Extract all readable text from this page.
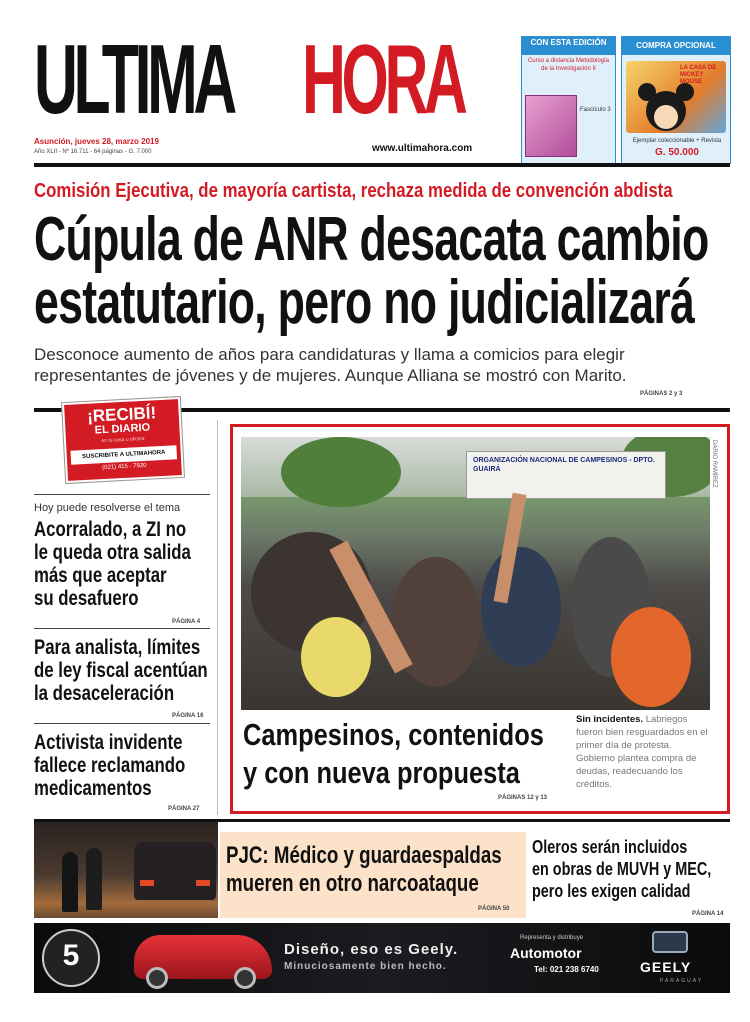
ULTIMA HORA
Asunción, jueves 28, marzo 2019
Año XLII - Nº 16.711 - 64 páginas - G. 7.000	www.ultimahora.com
CON ESTA EDICIÓN
Curso a distancia Metodología de la Investigación II
Fascículo 3
COMPRA OPCIONAL
LA CASA DE MICKEY MOUSE
Ejemplar coleccionable + Revista
G. 50.000
Comisión Ejecutiva, de mayoría cartista, rechaza medida de convención abdista
Cúpula de ANR desacata cambio
estatutario, pero no judicializará
Desconoce aumento de años para candidaturas y llama a comicios para elegir representantes de jóvenes y de mujeres. Aunque Alliana se mostró con Marito.
PÁGINAS 2 y 3
¡RECIBÍ!
EL DIARIO
en tu casa u oficina
SUSCRIBITE A ULTIMAHORA
(021) 415 - 7920
Hoy puede resolverse el tema
Acorralado, a ZI no
le queda otra salida
más que aceptar
su desafuero
PÁGINA 4
Para analista, límites
de ley fiscal acentúan
la desaceleración
PÁGINA 16
Activista invidente
fallece reclamando
medicamentos
PÁGINA 27
ORGANIZACIÓN NACIONAL DE CAMPESINOS - DPTO. GUAIRÁ	DARIO RAMÍREZ
Campesinos, contenidos
y con nueva propuesta
PÁGINAS 12 y 13
Sin incidentes. Labriegos fueron bien resguardados en el primer día de protesta. Gobierno plantea compra de deudas, readecuando los créditos.
PJC: Médico y guardaespaldas
mueren en otro narcoataque
PÁGINA 50
Oleros serán incluidos
en obras de MUVH y MEC,
pero les exigen calidad
PÁGINA 14
5	Diseño, eso es Geely.
Minuciosamente bien hecho.
Representa y distribuye
Automotor
Tel: 021 238 6740	GEELY
PARAGUAY
